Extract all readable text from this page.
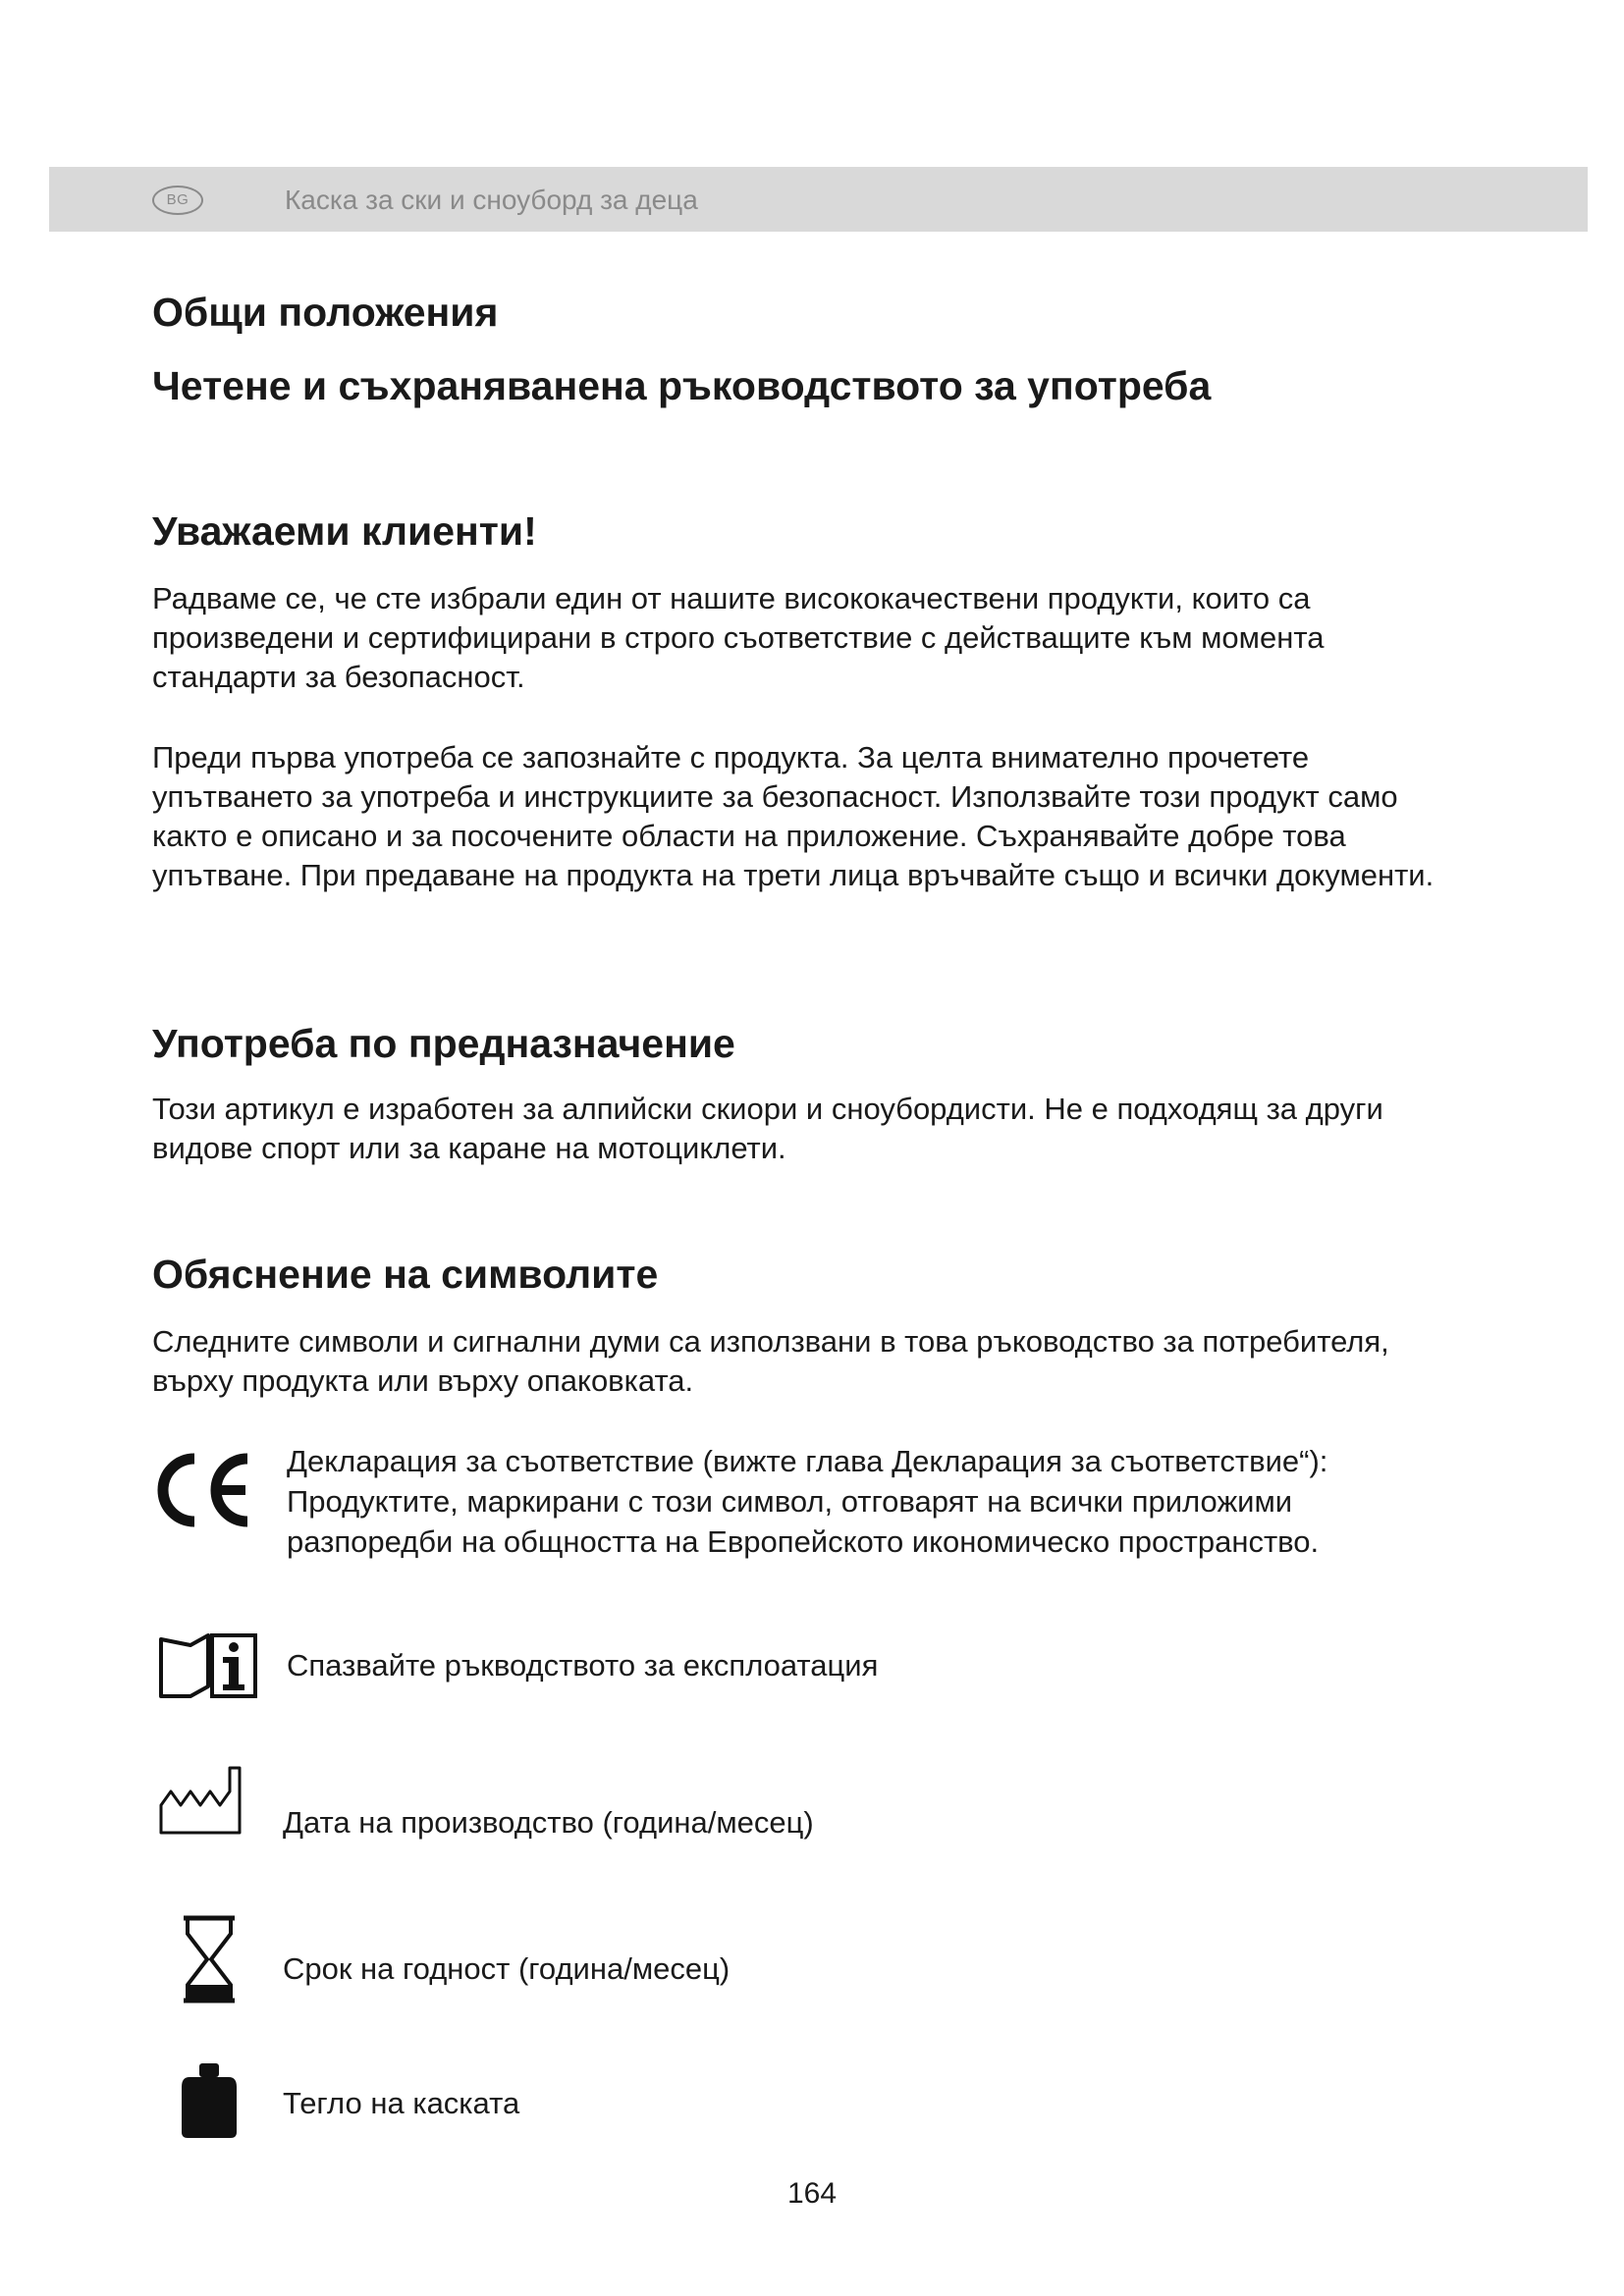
BG	Каска за ски и сноуборд за деца
Общи положения
Четене и съхраняванена ръководството за употреба
Уважаеми клиенти!

Радваме се, че сте избрали един от нашите висококачествени продукти, които са произведени и сертифицирани в строго съответствие с действащите към момента стандарти за безопасност.

Преди първа употреба се запознайте с продукта. За целта внимателно прочетете упътването за употреба и инструкциите за безопасност. Използвайте този продукт само както е описано и за посочените области на приложение. Съхранявайте добре това упътване. При предаване на продукта на трети лица връчвайте също и всички документи.

Употреба по предназначение

Този артикул е изработен за алпийски скиори и сноубордисти. Не е подходящ за други видове спорт или за каране на мотоциклети.

Обяснение на символите

Следните символи и сигнални думи са използвани в това ръководство за потребителя, върху продукта или върху опаковката.

Декларация за съответствие (вижте глава Декларация за съответствие“):
Продуктите, маркирани с този символ, отговарят на всички приложими
разпоредби на общността на Европейското икономическо пространство.
Спазвайте ръкводството за експлоатация
Дата на производство (година/месец)
Срок на годност (година/месец)
Тегло на каската
164
